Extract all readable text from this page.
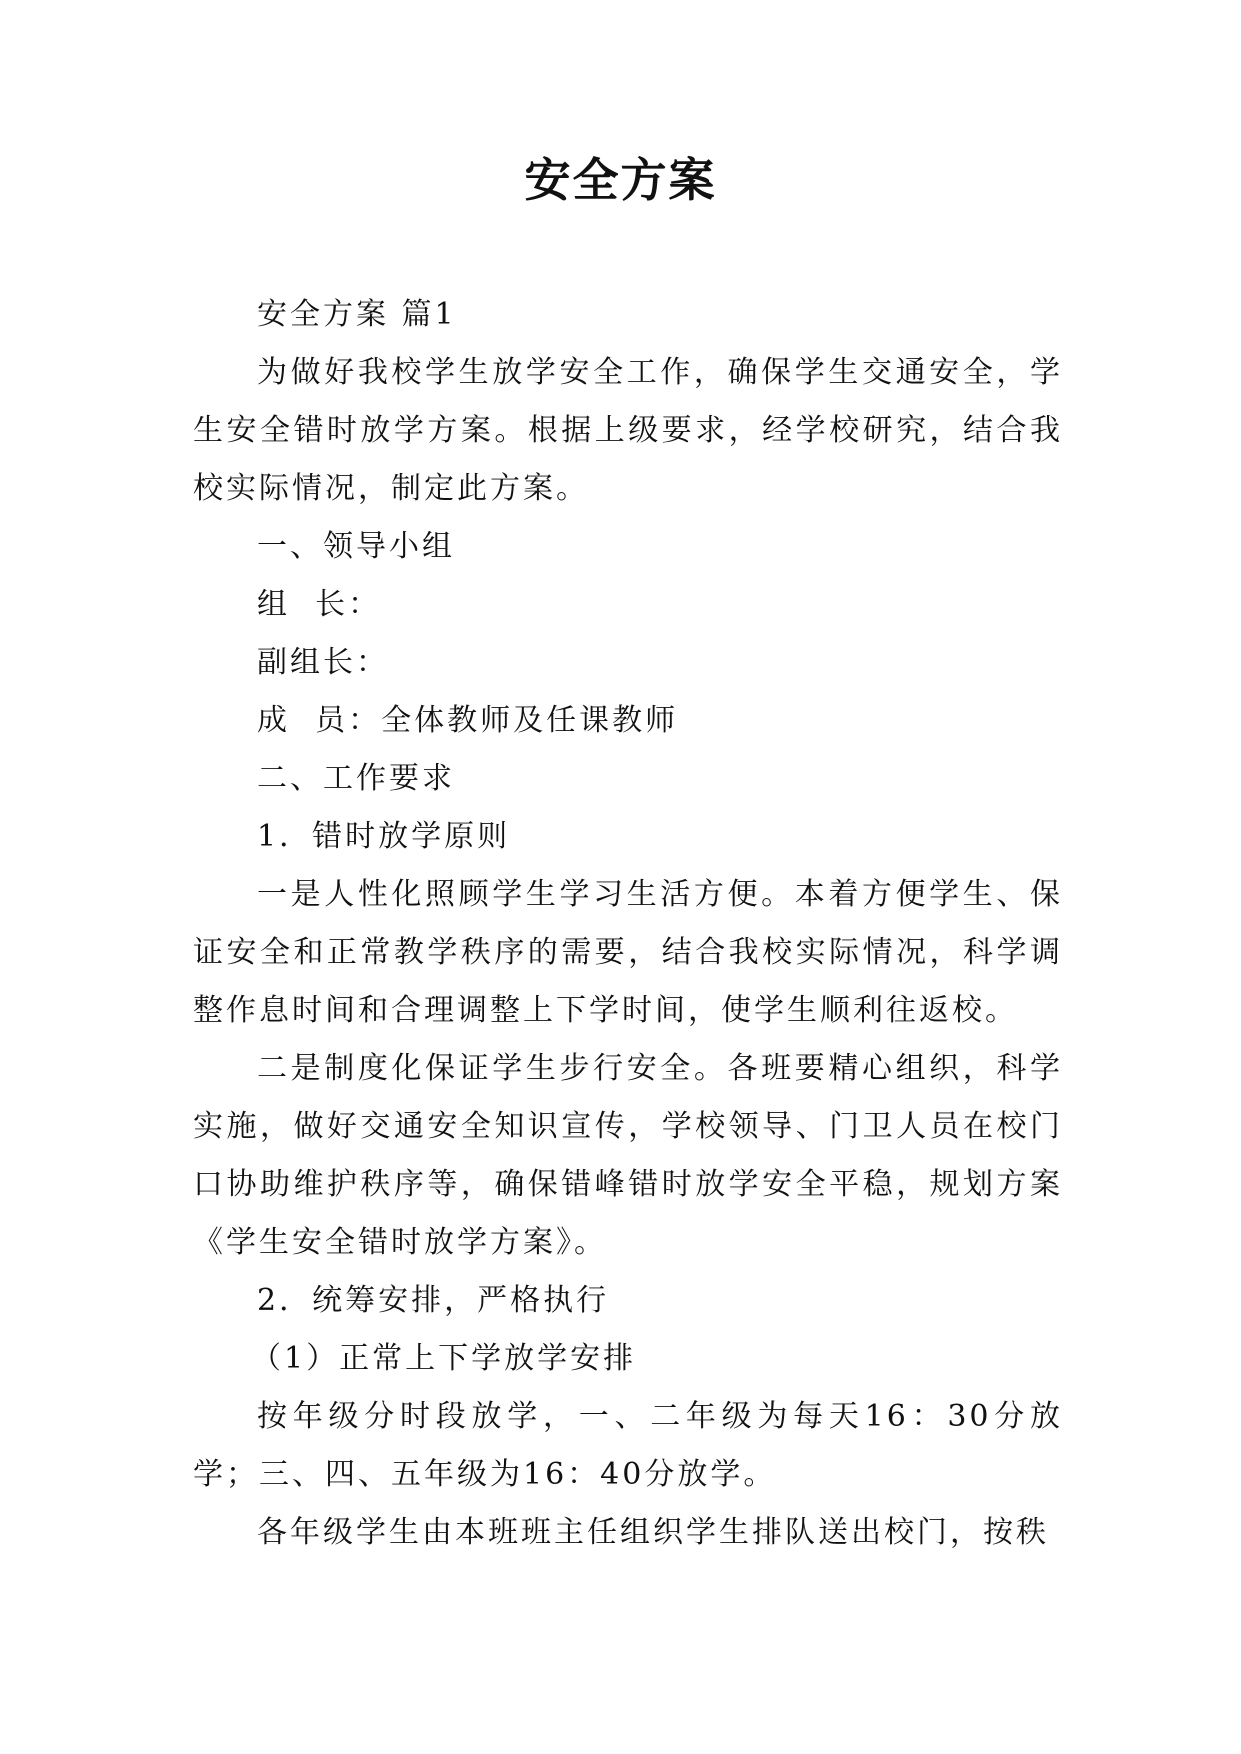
安全方案

安全方案 篇1

为做好我校学生放学安全工作，确保学生交通安全，学生安全错时放学方案。根据上级要求，经学校研究，结合我校实际情况，制定此方案。

一、领导小组

组  长：

副组长：

成  员：全体教师及任课教师

二、工作要求

1．错时放学原则

一是人性化照顾学生学习生活方便。本着方便学生、保证安全和正常教学秩序的需要，结合我校实际情况，科学调整作息时间和合理调整上下学时间，使学生顺利往返校。

二是制度化保证学生步行安全。各班要精心组织，科学实施，做好交通安全知识宣传，学校领导、门卫人员在校门口协助维护秩序等，确保错峰错时放学安全平稳，规划方案《学生安全错时放学方案》。

2．统筹安排，严格执行

（1）正常上下学放学安排

按年级分时段放学，一、二年级为每天16：30分放学；三、四、五年级为16：40分放学。

各年级学生由本班班主任组织学生排队送出校门，按秩
